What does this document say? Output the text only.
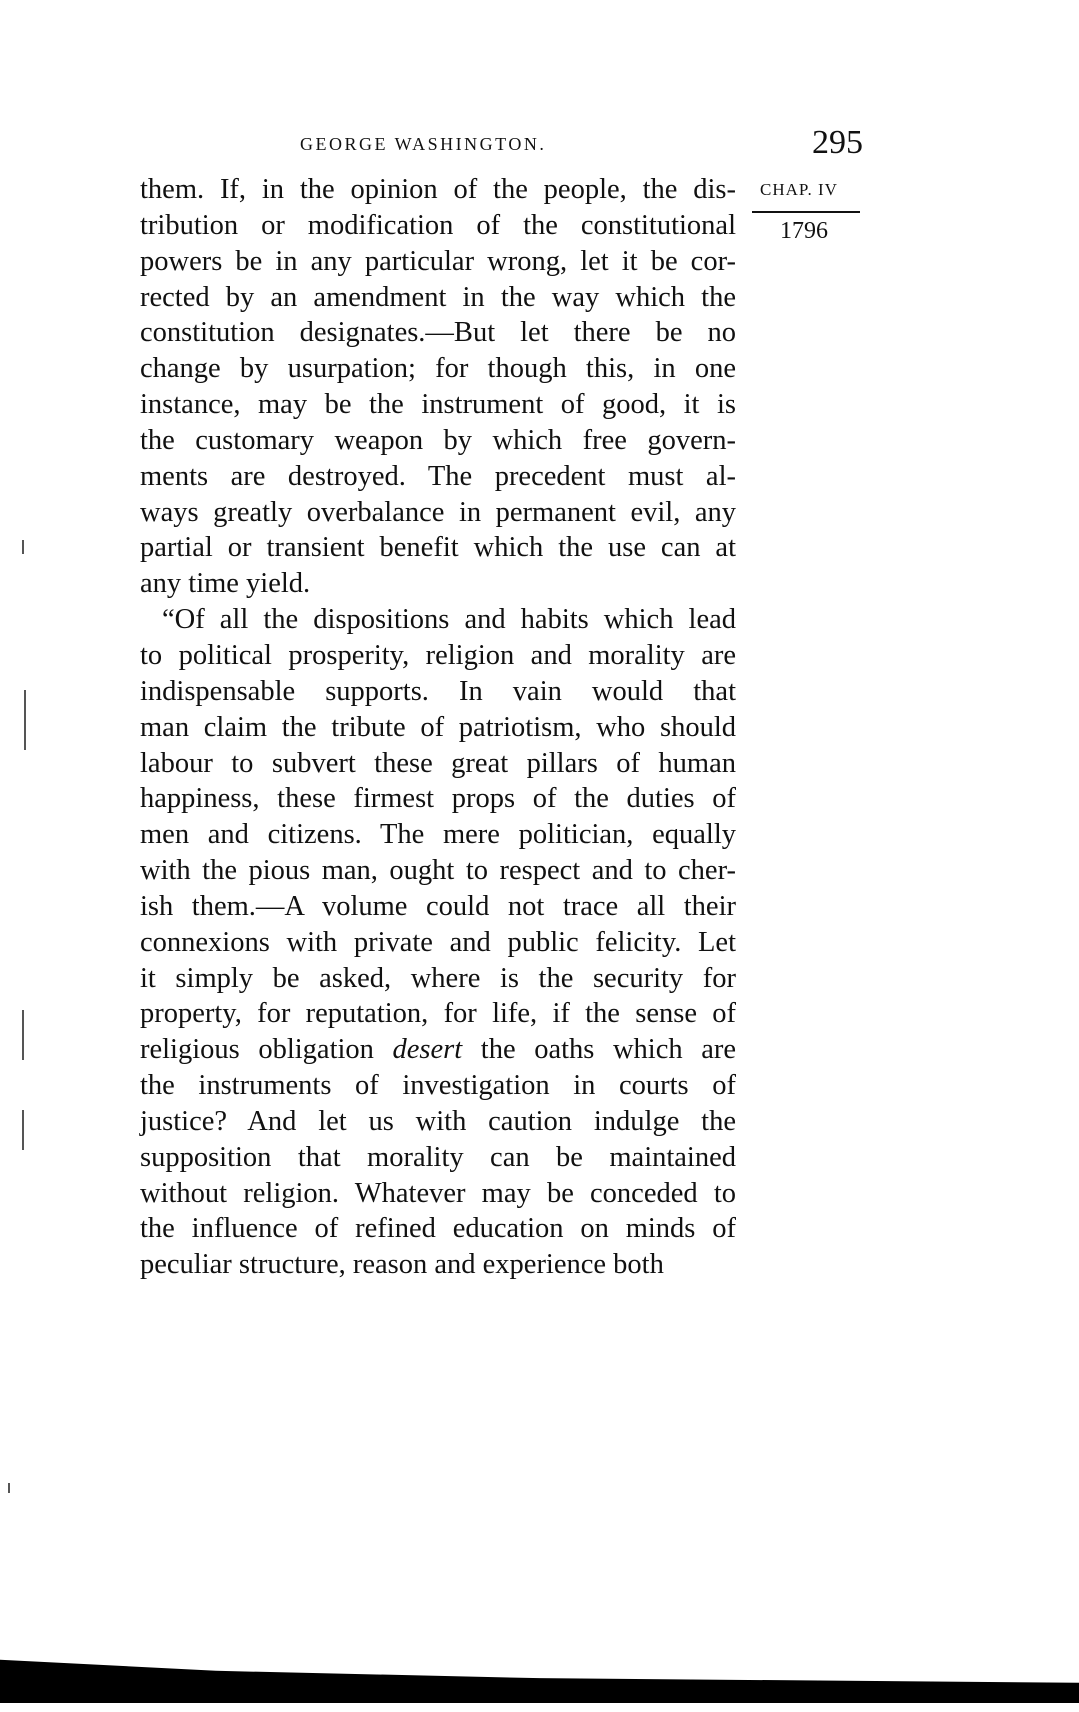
GEORGE WASHINGTON.	295
CHAP. IV
1796
them. If, in the opinion of the people, the dis-
tribution or modification of the constitutional
powers be in any particular wrong, let it be cor-
rected by an amendment in the way which the
constitution designates.—But let there be no
change by usurpation; for though this, in one
instance, may be the instrument of good, it is
the customary weapon by which free govern-
ments are destroyed. The precedent must al-
ways greatly overbalance in permanent evil, any
partial or transient benefit which the use can at
any time yield.
“Of all the dispositions and habits which lead
to political prosperity, religion and morality are
indispensable supports. In vain would that
man claim the tribute of patriotism, who should
labour to subvert these great pillars of human
happiness, these firmest props of the duties of
men and citizens. The mere politician, equally
with the pious man, ought to respect and to cher-
ish them.—A volume could not trace all their
connexions with private and public felicity. Let
it simply be asked, where is the security for
property, for reputation, for life, if the sense of
religious obligation desert the oaths which are
the instruments of investigation in courts of
justice? And let us with caution indulge the
supposition that morality can be maintained
without religion. Whatever may be conceded to
the influence of refined education on minds of
peculiar structure, reason and experience both
